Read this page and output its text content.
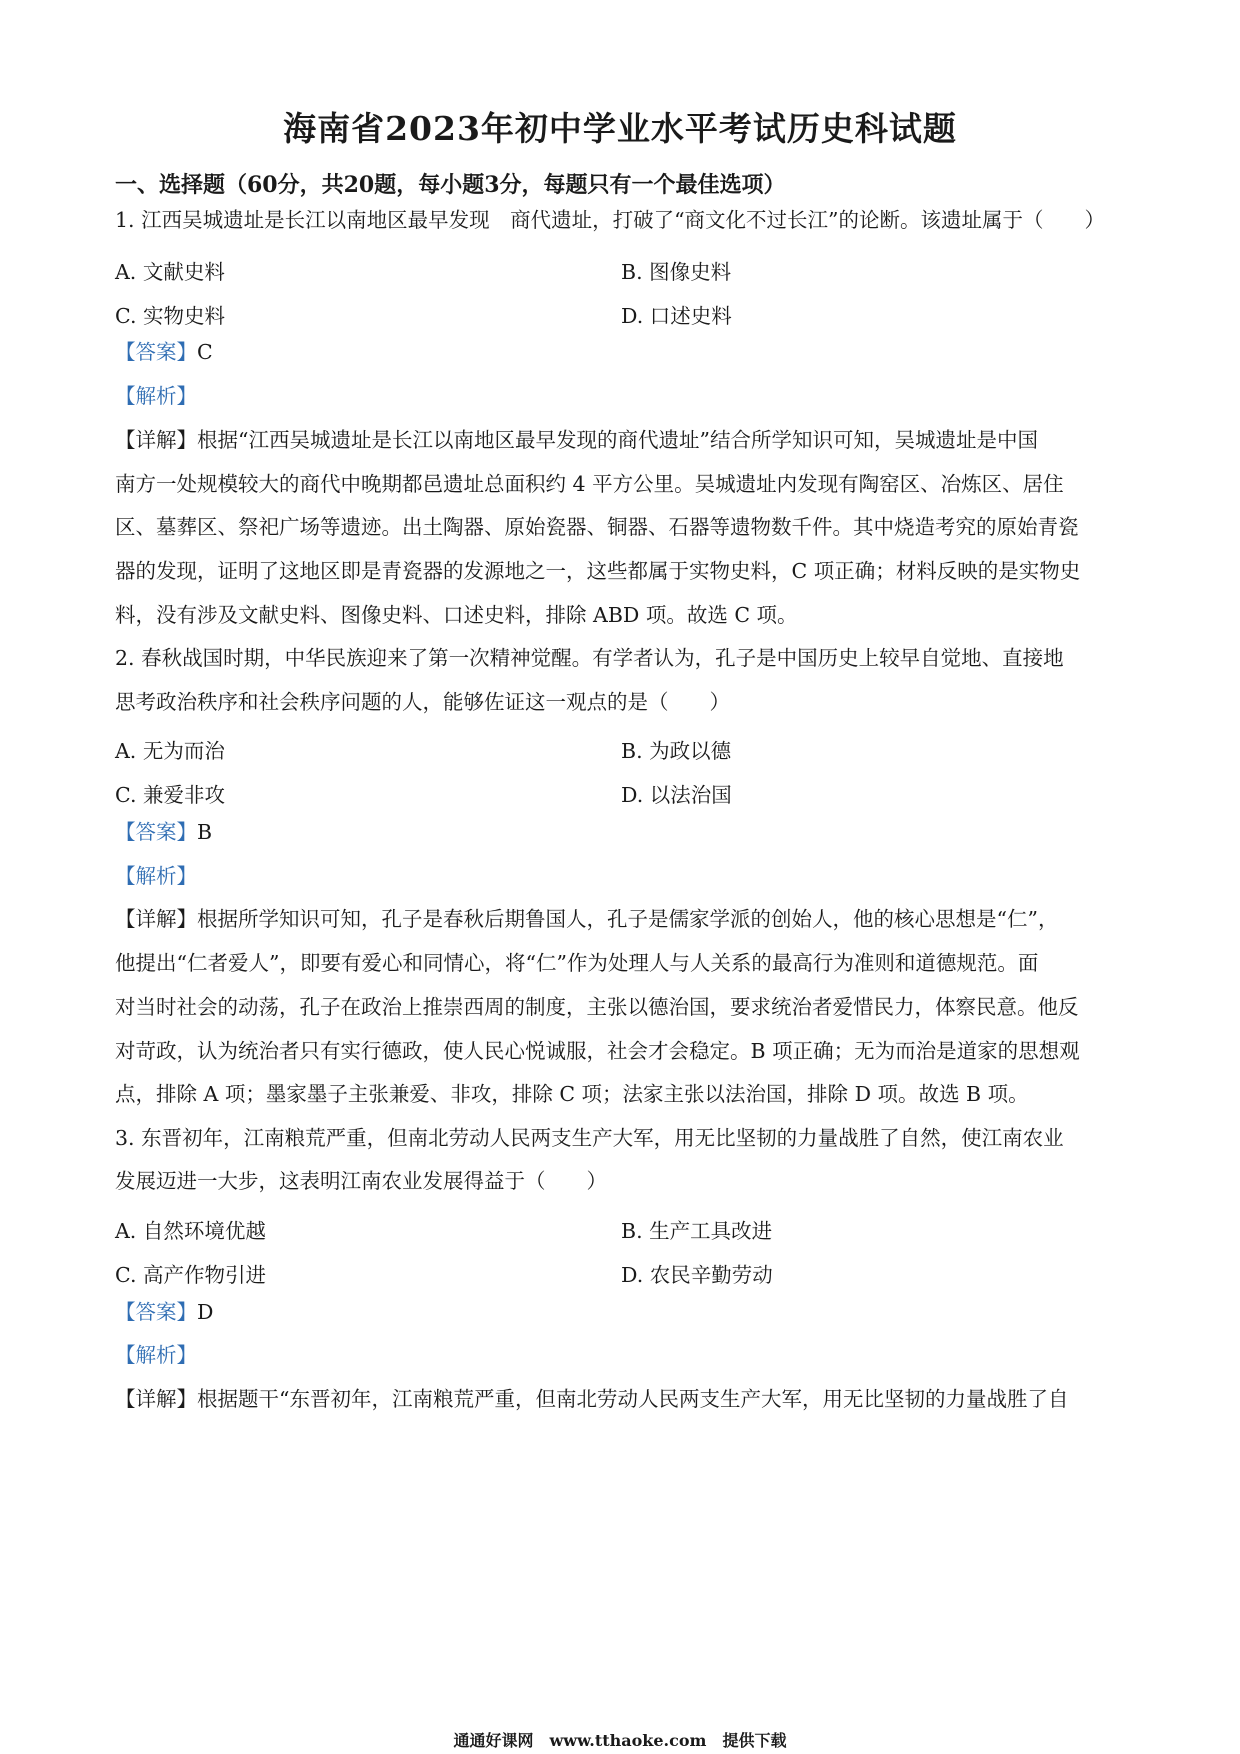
海南省2023年初中学业水平考试历史科试题
一、选择题（60分，共20题，每小题3分，每题只有一个最佳选项）
1. 江西吴城遗址是长江以南地区最早发现　商代遗址，打破了“商文化不过长江”的论断。该遗址属于（　　）
A. 文献史料	B. 图像史料
C. 实物史料	D. 口述史料
【答案】C
【解析】
【详解】根据“江西吴城遗址是长江以南地区最早发现的商代遗址”结合所学知识可知，吴城遗址是中国
南方一处规模较大的商代中晚期都邑遗址总面积约 4 平方公里。吴城遗址内发现有陶窑区、冶炼区、居住
区、墓葬区、祭祀广场等遗迹。出土陶器、原始瓷器、铜器、石器等遗物数千件。其中烧造考究的原始青瓷
器的发现，证明了这地区即是青瓷器的发源地之一，这些都属于实物史料，C 项正确；材料反映的是实物史
料，没有涉及文献史料、图像史料、口述史料，排除 ABD 项。故选 C 项。
2. 春秋战国时期，中华民族迎来了第一次精神觉醒。有学者认为，孔子是中国历史上较早自觉地、直接地
思考政治秩序和社会秩序问题的人，能够佐证这一观点的是（　　）
A. 无为而治	B. 为政以德
C. 兼爱非攻	D. 以法治国
【答案】B
【解析】
【详解】根据所学知识可知，孔子是春秋后期鲁国人，孔子是儒家学派的创始人，他的核心思想是“仁”，
他提出“仁者爱人”，即要有爱心和同情心，将“仁”作为处理人与人关系的最高行为准则和道德规范。面
对当时社会的动荡，孔子在政治上推崇西周的制度，主张以德治国，要求统治者爱惜民力，体察民意。他反
对苛政，认为统治者只有实行德政，使人民心悦诚服，社会才会稳定。B 项正确；无为而治是道家的思想观
点，排除 A 项；墨家墨子主张兼爱、非攻，排除 C 项；法家主张以法治国，排除 D 项。故选 B 项。
3. 东晋初年，江南粮荒严重，但南北劳动人民两支生产大军，用无比坚韧的力量战胜了自然，使江南农业
发展迈进一大步，这表明江南农业发展得益于（　　）
A. 自然环境优越	B. 生产工具改进
C. 高产作物引进	D. 农民辛勤劳动
【答案】D
【解析】
【详解】根据题干“东晋初年，江南粮荒严重，但南北劳动人民两支生产大军，用无比坚韧的力量战胜了自
通通好课网　www.tthaoke.com　提供下载
